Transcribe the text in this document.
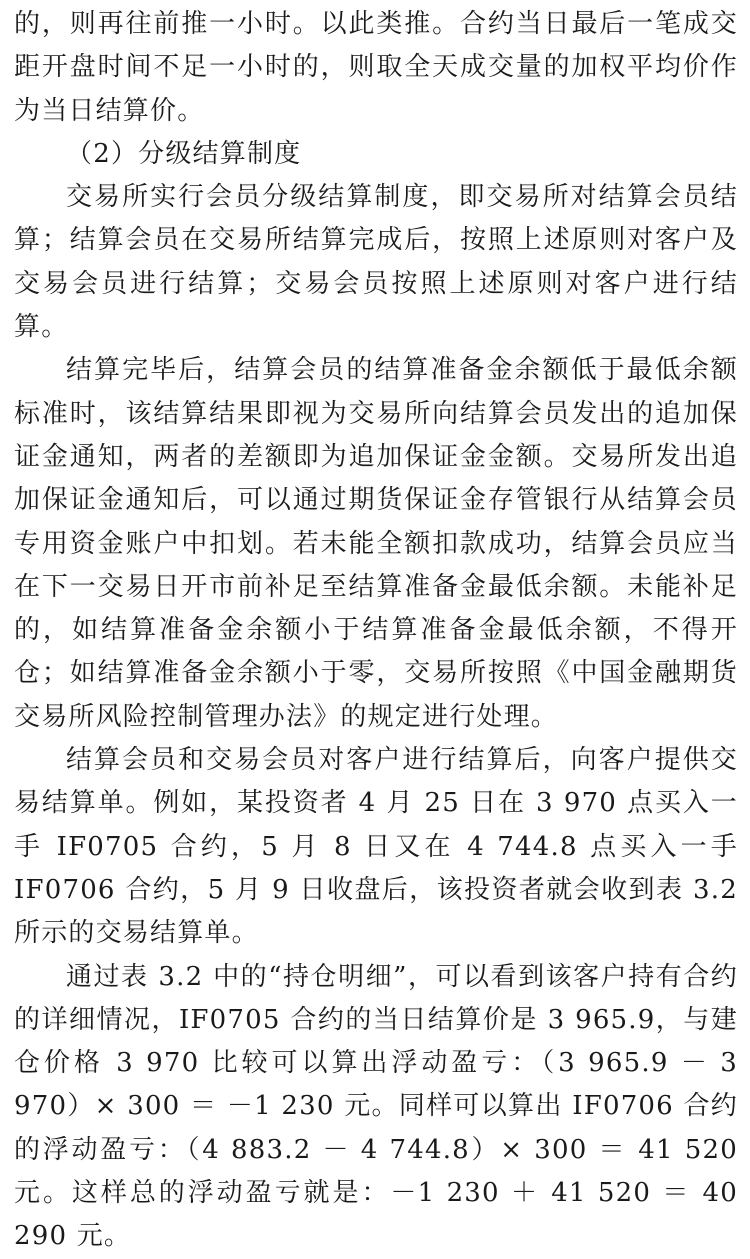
的，则再往前推一小时。以此类推。合约当日最后一笔成交距开盘时间不足一小时的，则取全天成交量的加权平均价作为当日结算价。

（2）分级结算制度

交易所实行会员分级结算制度，即交易所对结算会员结算；结算会员在交易所结算完成后，按照上述原则对客户及交易会员进行结算；交易会员按照上述原则对客户进行结算。

结算完毕后，结算会员的结算准备金余额低于最低余额标准时，该结算结果即视为交易所向结算会员发出的追加保证金通知，两者的差额即为追加保证金金额。交易所发出追加保证金通知后，可以通过期货保证金存管银行从结算会员专用资金账户中扣划。若未能全额扣款成功，结算会员应当在下一交易日开市前补足至结算准备金最低余额。未能补足的，如结算准备金余额小于结算准备金最低余额，不得开仓；如结算准备金余额小于零，交易所按照《中国金融期货交易所风险控制管理办法》的规定进行处理。

结算会员和交易会员对客户进行结算后，向客户提供交易结算单。例如，某投资者 4 月 25 日在 3 970 点买入一手 IF0705 合约，5 月 8 日又在 4 744.8 点买入一手 IF0706 合约，5 月 9 日收盘后，该投资者就会收到表 3.2 所示的交易结算单。

通过表 3.2 中的“持仓明细”，可以看到该客户持有合约的详细情况，IF0705 合约的当日结算价是 3 965.9，与建仓价格 3 970 比较可以算出浮动盈亏：（3 965.9 － 3 970）× 300 ＝ －1 230 元。同样可以算出 IF0706 合约的浮动盈亏：（4 883.2 － 4 744.8）× 300 ＝ 41 520 元。这样总的浮动盈亏就是：－1 230 ＋ 41 520 ＝ 40 290 元。
